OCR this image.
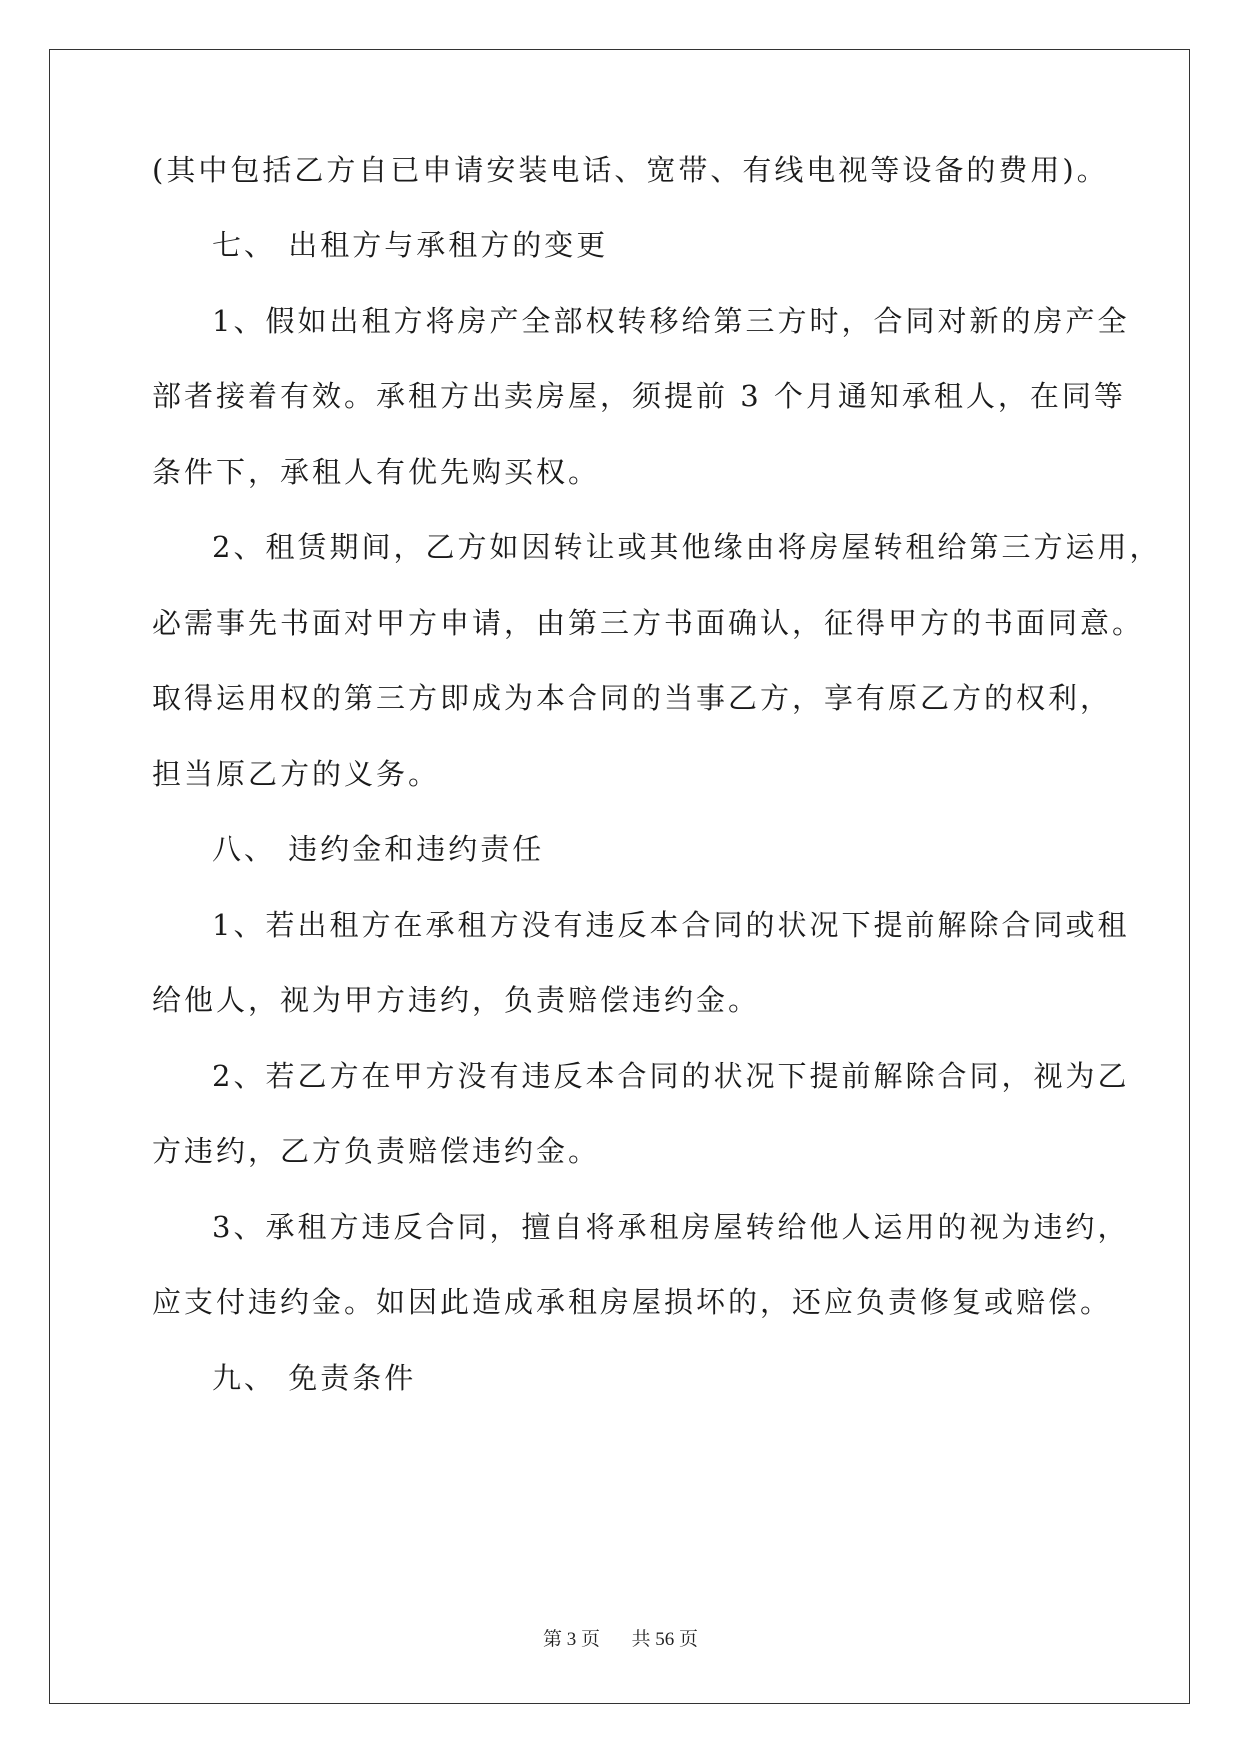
(其中包括乙方自已申请安装电话、宽带、有线电视等设备的费用)。
七、 出租方与承租方的变更
1、假如出租方将房产全部权转移给第三方时，合同对新的房产全
部者接着有效。承租方出卖房屋，须提前 3 个月通知承租人，在同等
条件下，承租人有优先购买权。
2、租赁期间，乙方如因转让或其他缘由将房屋转租给第三方运用，
必需事先书面对甲方申请，由第三方书面确认，征得甲方的书面同意。
取得运用权的第三方即成为本合同的当事乙方，享有原乙方的权利，
担当原乙方的义务。
八、 违约金和违约责任
1、若出租方在承租方没有违反本合同的状况下提前解除合同或租
给他人，视为甲方违约，负责赔偿违约金。
2、若乙方在甲方没有违反本合同的状况下提前解除合同，视为乙
方违约，乙方负责赔偿违约金。
3、承租方违反合同，擅自将承租房屋转给他人运用的视为违约，
应支付违约金。如因此造成承租房屋损坏的，还应负责修复或赔偿。
九、 免责条件
第 3 页 共 56 页
